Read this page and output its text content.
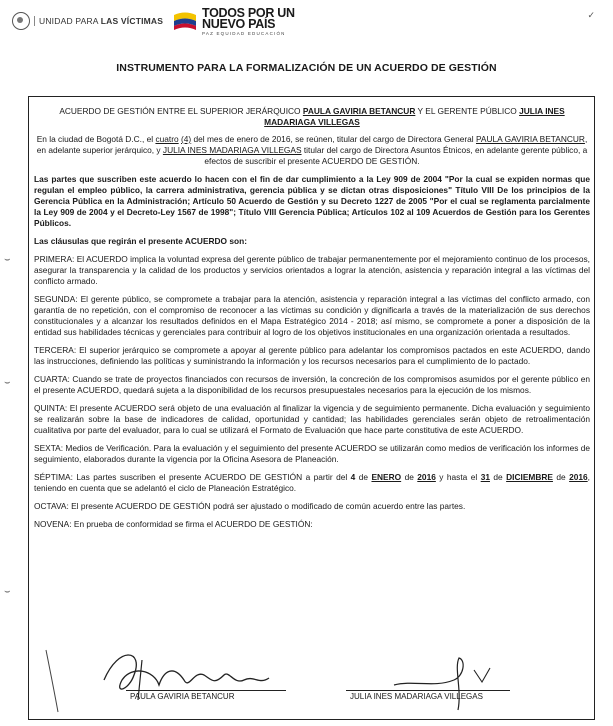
UNIDAD PARA LAS VÍCTIMAS
TODOS POR UN
NUEVO PAÍS
PAZ EQUIDAD EDUCACIÓN
✓
INSTRUMENTO PARA LA FORMALIZACIÓN DE UN ACUERDO DE GESTIÓN
⌣
⌣
⌣

ACUERDO DE GESTIÓN ENTRE EL SUPERIOR JERÁRQUICO PAULA GAVIRIA BETANCUR Y EL GERENTE PÚBLICO JULIA INES MADARIAGA VILLEGAS

En la ciudad de Bogotá D.C., el cuatro (4) del mes de enero de 2016, se reúnen, titular del cargo de Directora General PAULA GAVIRIA BETANCUR, en adelante superior jerárquico, y JULIA INES MADARIAGA VILLEGAS titular del cargo de Directora Asuntos Étnicos, en adelante gerente público, a efectos de suscribir el presente ACUERDO DE GESTIÓN.

Las partes que suscriben este acuerdo lo hacen con el fin de dar cumplimiento a la Ley 909 de 2004 "Por la cual se expiden normas que regulan el empleo público, la carrera administrativa, gerencia pública y se dictan otras disposiciones" Título VIII De los principios de la Gerencia Pública en la Administración; Artículo 50 Acuerdo de Gestión y su Decreto 1227 de 2005 "Por el cual se reglamenta parcialmente la Ley 909 de 2004 y el Decreto-Ley 1567 de 1998"; Título VIII Gerencia Pública; Artículos 102 al 109 Acuerdos de Gestión para los Gerentes Públicos.

Las cláusulas que regirán el presente ACUERDO son:

PRIMERA: El ACUERDO implica la voluntad expresa del gerente público de trabajar permanentemente por el mejoramiento continuo de los procesos, asegurar la transparencia y la calidad de los productos y servicios orientados a lograr la atención, asistencia y reparación integral a las víctimas del conflicto armado.

SEGUNDA: El gerente público, se compromete a trabajar para la atención, asistencia y reparación integral a las víctimas del conflicto armado, con garantía de no repetición, con el compromiso de reconocer a las víctimas su condición y dignificarla a través de la materialización de sus derechos constitucionales y a alcanzar los resultados definidos en el Mapa Estratégico 2014 - 2018; así mismo, se compromete a poner a disposición de la entidad sus habilidades técnicas y gerenciales para contribuir al logro de los objetivos institucionales en una organización orientada a resultados.

TERCERA: El superior jerárquico se compromete a apoyar al gerente público para adelantar los compromisos pactados en este ACUERDO, dando las instrucciones, definiendo las políticas y suministrando la información y los recursos necesarios para el cumplimiento de lo pactado.

CUARTA: Cuando se trate de proyectos financiados con recursos de inversión, la concreción de los compromisos asumidos por el gerente público en el presente ACUERDO, quedará sujeta a la disponibilidad de los recursos presupuestales necesarios para la ejecución de los mismos.

QUINTA: El presente ACUERDO será objeto de una evaluación al finalizar la vigencia y de seguimiento permanente. Dicha evaluación y seguimiento se realizarán sobre la base de indicadores de calidad, oportunidad y cantidad; las habilidades gerenciales serán objeto de retroalimentación cualitativa por parte del evaluador, para lo cual se utilizará el Formato de Evaluación que hace parte constitutiva de este ACUERDO.

SEXTA: Medios de Verificación. Para la evaluación y el seguimiento del presente ACUERDO se utilizarán como medios de verificación los informes de seguimiento, elaborados durante la vigencia por la Oficina Asesora de Planeación.

SÉPTIMA: Las partes suscriben el presente ACUERDO DE GESTIÓN a partir del 4 de ENERO de 2016 y hasta el 31 de DICIEMBRE de 2016, teniendo en cuenta que se adelantó el ciclo de Planeación Estratégico.

OCTAVA: El presente ACUERDO DE GESTIÓN podrá ser ajustado o modificado de común acuerdo entre las partes.

NOVENA: En prueba de conformidad se firma el ACUERDO DE GESTIÓN:

PAULA GAVIRIA BETANCUR	JULIA INES MADARIAGA VILLEGAS
